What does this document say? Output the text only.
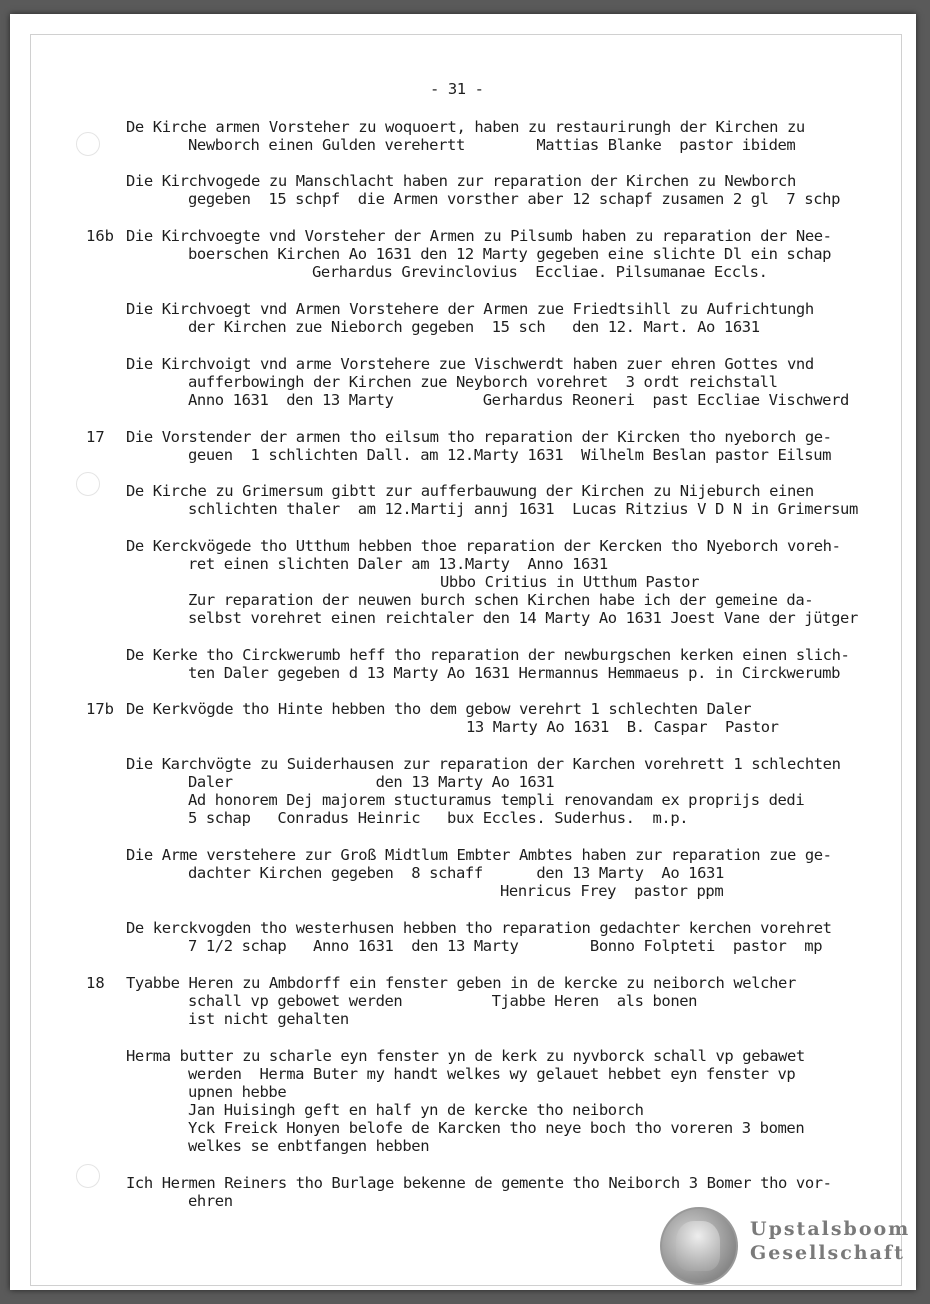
- 31 -
De Kirche armen Vorsteher zu woquoert, haben zu restaurirungh der Kirchen zu
Newborch einen Gulden verehertt        Mattias Blanke  pastor ibidem
Die Kirchvogede zu Manschlacht haben zur reparation der Kirchen zu Newborch
gegeben  15 schpf  die Armen vorsther aber 12 schapf zusamen 2 gl  7 schp
16b Die Kirchvoegte vnd Vorsteher der Armen zu Pilsumb haben zu reparation der Nee-
boerschen Kirchen Ao 1631 den 12 Marty gegeben eine slichte Dl ein schap
Gerhardus Grevinclovius  Eccliae. Pilsumanae Eccls.
Die Kirchvoegt vnd Armen Vorstehere der Armen zue Friedtsihll zu Aufrichtungh
der Kirchen zue Nieborch gegeben  15 sch   den 12. Mart. Ao 1631
Die Kirchvoigt vnd arme Vorstehere zue Vischwerdt haben zuer ehren Gottes vnd
aufferbowingh der Kirchen zue Neyborch vorehret  3 ordt reichstall
Anno 1631  den 13 Marty          Gerhardus Reoneri  past Eccliae Vischwerd
17 Die Vorstender der armen tho eilsum tho reparation der Kircken tho nyeborch ge-
geuen  1 schlichten Dall. am 12.Marty 1631  Wilhelm Beslan pastor Eilsum
De Kirche zu Grimersum gibtt zur aufferbauwung der Kirchen zu Nijeburch einen
schlichten thaler  am 12.Martij annj 1631  Lucas Ritzius V D N in Grimersum
De Kerckvögede tho Utthum hebben thoe reparation der Kercken tho Nyeborch voreh-
ret einen slichten Daler am 13.Marty  Anno 1631
Ubbo Critius in Utthum Pastor
Zur reparation der neuwen burch schen Kirchen habe ich der gemeine da-
selbst vorehret einen reichtaler den 14 Marty Ao 1631 Joest Vane der jütger
De Kerke tho Circkwerumb heff tho reparation der newburgschen kerken einen slich-
ten Daler gegeben d 13 Marty Ao 1631 Hermannus Hemmaeus p. in Circkwerumb
17b De Kerkvögde tho Hinte hebben tho dem gebow verehrt 1 schlechten Daler
13 Marty Ao 1631  B. Caspar  Pastor
Die Karchvögte zu Suiderhausen zur reparation der Karchen vorehrett 1 schlechten
Daler                den 13 Marty Ao 1631
Ad honorem Dej majorem stucturamus templi renovandam ex proprijs dedi
5 schap   Conradus Heinric   bux Eccles. Suderhus.  m.p.
Die Arme verstehere zur Groß Midtlum Embter Ambtes haben zur reparation zue ge-
dachter Kirchen gegeben  8 schaff      den 13 Marty  Ao 1631
Henricus Frey  pastor ppm
De kerckvogden tho westerhusen hebben tho reparation gedachter kerchen vorehret
7 1/2 schap   Anno 1631  den 13 Marty        Bonno Folpteti  pastor  mp
18 Tyabbe Heren zu Ambdorff ein fenster geben in de kercke zu neiborch welcher
schall vp gebowet werden          Tjabbe Heren  als bonen
ist nicht gehalten
Herma butter zu scharle eyn fenster yn de kerk zu nyvborck schall vp gebawet
werden  Herma Buter my handt welkes wy gelauet hebbet eyn fenster vp
upnen hebbe
Jan Huisingh geft en half yn de kercke tho neiborch
Yck Freick Honyen belofe de Karcken tho neye boch tho voreren 3 bomen
welkes se enbtfangen hebben
Ich Hermen Reiners tho Burlage bekenne de gemente tho Neiborch 3 Bomer tho vor-
ehren
Upstalsboom
Gesellschaft
